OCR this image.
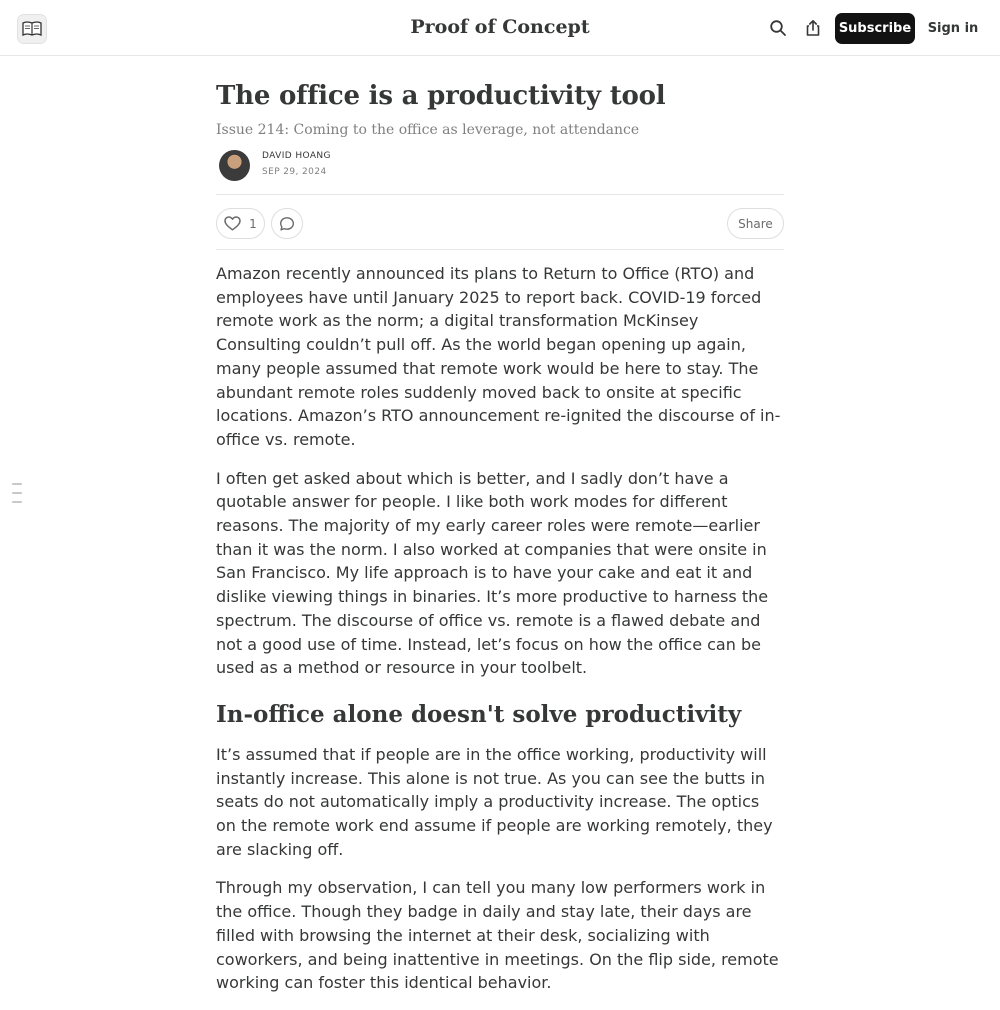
Proof of Concept	Subscribe Sign in
The office is a productivity tool
Issue 214: Coming to the office as leverage, not attendance
DAVID HOANG
SEP 29, 2024
1	Share

Amazon recently announced its plans to Return to Office (RTO) and employees have until January 2025 to report back. COVID-19 forced remote work as the norm; a digital transformation McKinsey Consulting couldn’t pull off. As the world began opening up again, many people assumed that remote work would be here to stay. The abundant remote roles suddenly moved back to onsite at specific locations. Amazon’s RTO announcement re-ignited the discourse of in-office vs. remote.

I often get asked about which is better, and I sadly don’t have a quotable answer for people. I like both work modes for different reasons. The majority of my early career roles were remote—earlier than it was the norm. I also worked at companies that were onsite in San Francisco. My life approach is to have your cake and eat it and dislike viewing things in binaries. It’s more productive to harness the spectrum. The discourse of office vs. remote is a flawed debate and not a good use of time. Instead, let’s focus on how the office can be used as a method or resource in your toolbelt.

In-office alone doesn't solve productivity

It’s assumed that if people are in the office working, productivity will instantly increase. This alone is not true. As you can see the butts in seats do not automatically imply a productivity increase. The optics on the remote work end assume if people are working remotely, they are slacking off.

Through my observation, I can tell you many low performers work in the office. Though they badge in daily and stay late, their days are filled with browsing the internet at their desk, socializing with coworkers, and being inattentive in meetings. On the flip side, remote working can foster this identical behavior.
